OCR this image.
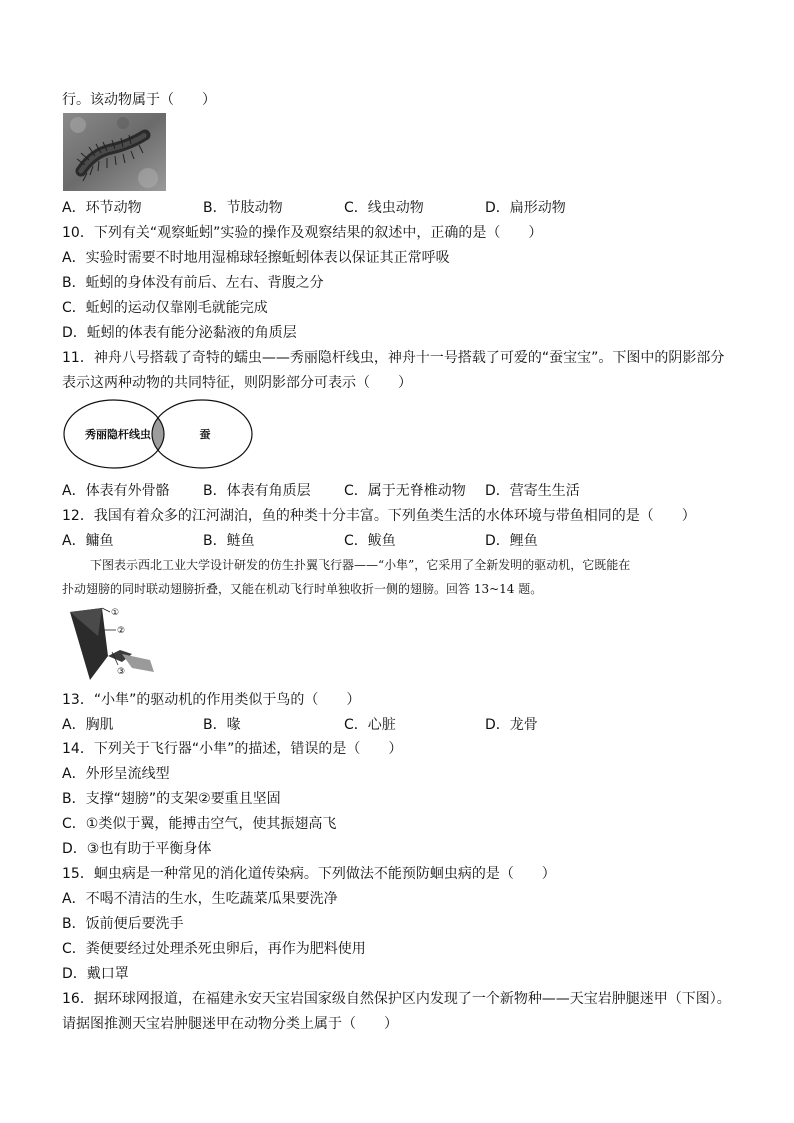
行。该动物属于（　　）
A．环节动物	B．节肢动物	C．线虫动物	D．扁形动物
10．下列有关“观察蚯蚓”实验的操作及观察结果的叙述中，正确的是（　　）
A．实验时需要不时地用湿棉球轻擦蚯蚓体表以保证其正常呼吸
B．蚯蚓的身体没有前后、左右、背腹之分
C．蚯蚓的运动仅靠刚毛就能完成
D．蚯蚓的体表有能分泌黏液的角质层
11．神舟八号搭载了奇特的蠕虫——秀丽隐杆线虫，神舟十一号搭载了可爱的“蚕宝宝”。下图中的阴影部分
表示这两种动物的共同特征，则阴影部分可表示（　　）
秀丽隐杆线虫	蚕
A．体表有外骨骼 B．体表有角质层 C．属于无脊椎动物 D．营寄生生活
12．我国有着众多的江河湖泊，鱼的种类十分丰富。下列鱼类生活的水体环境与带鱼相同的是（　　）
A．鳙鱼	B．鲢鱼	C．鲅鱼	D．鲤鱼
下图表示西北工业大学设计研发的仿生扑翼飞行器——“小隼”，它采用了全新发明的驱动机，它既能在
扑动翅膀的同时联动翅膀折叠，又能在机动飞行时单独收折一侧的翅膀。回答 13~14 题。
①
②
③
13．“小隼”的驱动机的作用类似于鸟的（　　）
A．胸肌	B．喙	C．心脏	D．龙骨
14．下列关于飞行器“小隼”的描述，错误的是（　　）
A．外形呈流线型
B．支撑“翅膀”的支架②要重且坚固
C．①类似于翼，能搏击空气，使其振翅高飞
D．③也有助于平衡身体
15．蛔虫病是一种常见的消化道传染病。下列做法不能预防蛔虫病的是（　　）
A．不喝不清洁的生水，生吃蔬菜瓜果要洗净
B．饭前便后要洗手
C．粪便要经过处理杀死虫卵后，再作为肥料使用
D．戴口罩
16．据环球网报道，在福建永安天宝岩国家级自然保护区内发现了一个新物种——天宝岩肿腿迷甲（下图）。
请据图推测天宝岩肿腿迷甲在动物分类上属于（　　）
